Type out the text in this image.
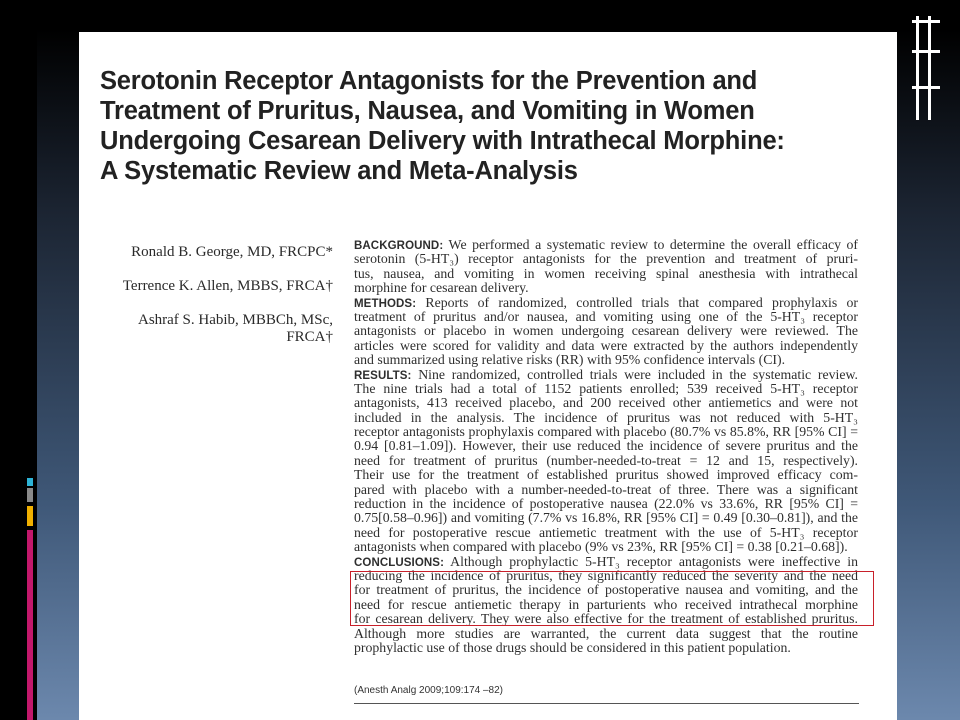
Serotonin Receptor Antagonists for the Prevention and
Treatment of Pruritus, Nausea, and Vomiting in Women
Undergoing Cesarean Delivery with Intrathecal Morphine:
A Systematic Review and Meta-Analysis
Ronald B. George, MD, FRCPC*
Terrence K. Allen, MBBS, FRCA†
Ashraf S. Habib, MBBCh, MSc,
FRCA†
BACKGROUND: We performed a systematic review to determine the overall efficacy of
serotonin (5-HT₃) receptor antagonists for the prevention and treatment of pruri-
tus, nausea, and vomiting in women receiving spinal anesthesia with intrathecal
morphine for cesarean delivery.
METHODS: Reports of randomized, controlled trials that compared prophylaxis or
treatment of pruritus and/or nausea, and vomiting using one of the 5-HT₃ receptor
antagonists or placebo in women undergoing cesarean delivery were reviewed. The
articles were scored for validity and data were extracted by the authors independently
and summarized using relative risks (RR) with 95% confidence intervals (CI).
RESULTS: Nine randomized, controlled trials were included in the systematic review.
The nine trials had a total of 1152 patients enrolled; 539 received 5-HT₃ receptor
antagonists, 413 received placebo, and 200 received other antiemetics and were not
included in the analysis. The incidence of pruritus was not reduced with 5-HT₃
receptor antagonists prophylaxis compared with placebo (80.7% vs 85.8%, RR [95% CI] =
0.94 [0.81–1.09]). However, their use reduced the incidence of severe pruritus and the
need for treatment of pruritus (number-needed-to-treat = 12 and 15, respectively).
Their use for the treatment of established pruritus showed improved efficacy com-
pared with placebo with a number-needed-to-treat of three. There was a significant
reduction in the incidence of postoperative nausea (22.0% vs 33.6%, RR [95% CI] =
0.75[0.58–0.96]) and vomiting (7.7% vs 16.8%, RR [95% CI] = 0.49 [0.30–0.81]), and the
need for postoperative rescue antiemetic treatment with the use of 5-HT₃ receptor
antagonists when compared with placebo (9% vs 23%, RR [95% CI] = 0.38 [0.21–0.68]).
CONCLUSIONS: Although prophylactic 5-HT₃ receptor antagonists were ineffective in
reducing the incidence of pruritus, they significantly reduced the severity and the need
for treatment of pruritus, the incidence of postoperative nausea and vomiting, and the
need for rescue antiemetic therapy in parturients who received intrathecal morphine
for cesarean delivery. They were also effective for the treatment of established pruritus.
Although more studies are warranted, the current data suggest that the routine
prophylactic use of those drugs should be considered in this patient population.
(Anesth Analg 2009;109:174 –82)
